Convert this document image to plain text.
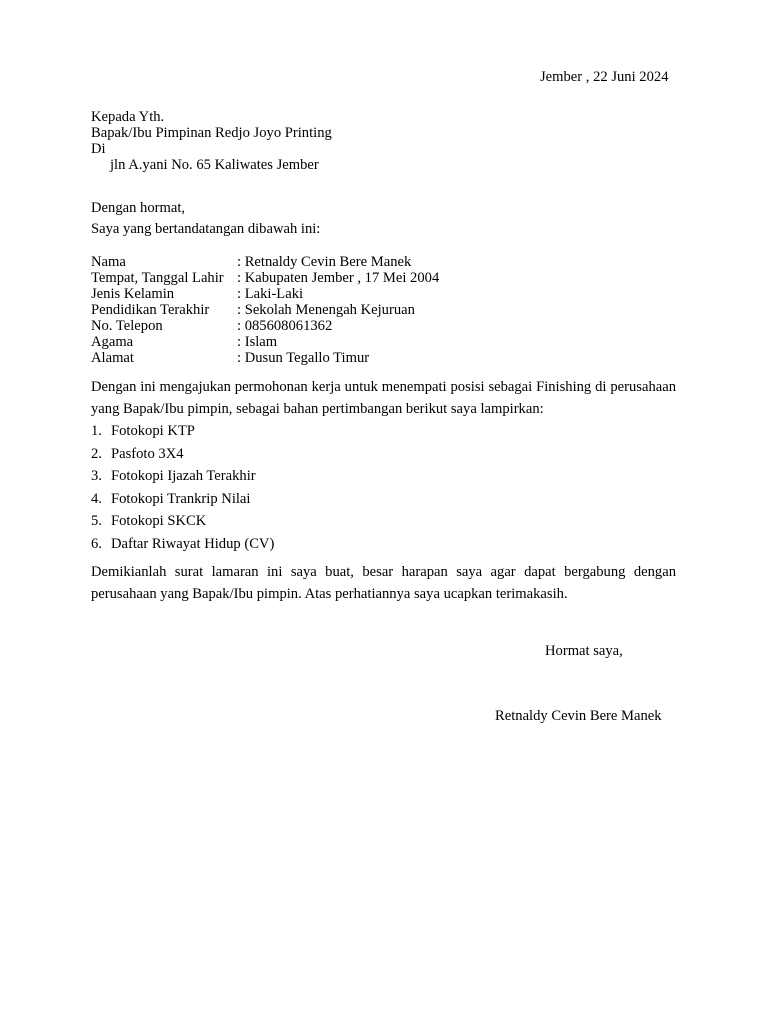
Jember , 22 Juni 2024
Kepada Yth.
Bapak/Ibu Pimpinan Redjo Joyo Printing
Di
jln A.yani No. 65 Kaliwates Jember
Dengan hormat,
Saya yang bertandatangan dibawah ini:
Nama	: Retnaldy Cevin Bere Manek
Tempat, Tanggal Lahir : Kabupaten Jember , 17 Mei 2004
Jenis Kelamin	: Laki-Laki
Pendidikan Terakhir	: Sekolah Menengah Kejuruan
No. Telepon	: 085608061362
Agama	: Islam
Alamat	: Dusun Tegallo Timur
Dengan ini mengajukan permohonan kerja untuk menempati posisi sebagai Finishing di perusahaan yang Bapak/Ibu pimpin, sebagai bahan pertimbangan berikut saya lampirkan:
1. Fotokopi KTP
2. Pasfoto 3X4
3. Fotokopi Ijazah Terakhir
4. Fotokopi Trankrip Nilai
5. Fotokopi SKCK
6. Daftar Riwayat Hidup (CV)
Demikianlah surat lamaran ini saya buat, besar harapan saya agar dapat bergabung dengan perusahaan yang Bapak/Ibu pimpin. Atas perhatiannya saya ucapkan terimakasih.
Hormat saya,
Retnaldy Cevin Bere Manek
